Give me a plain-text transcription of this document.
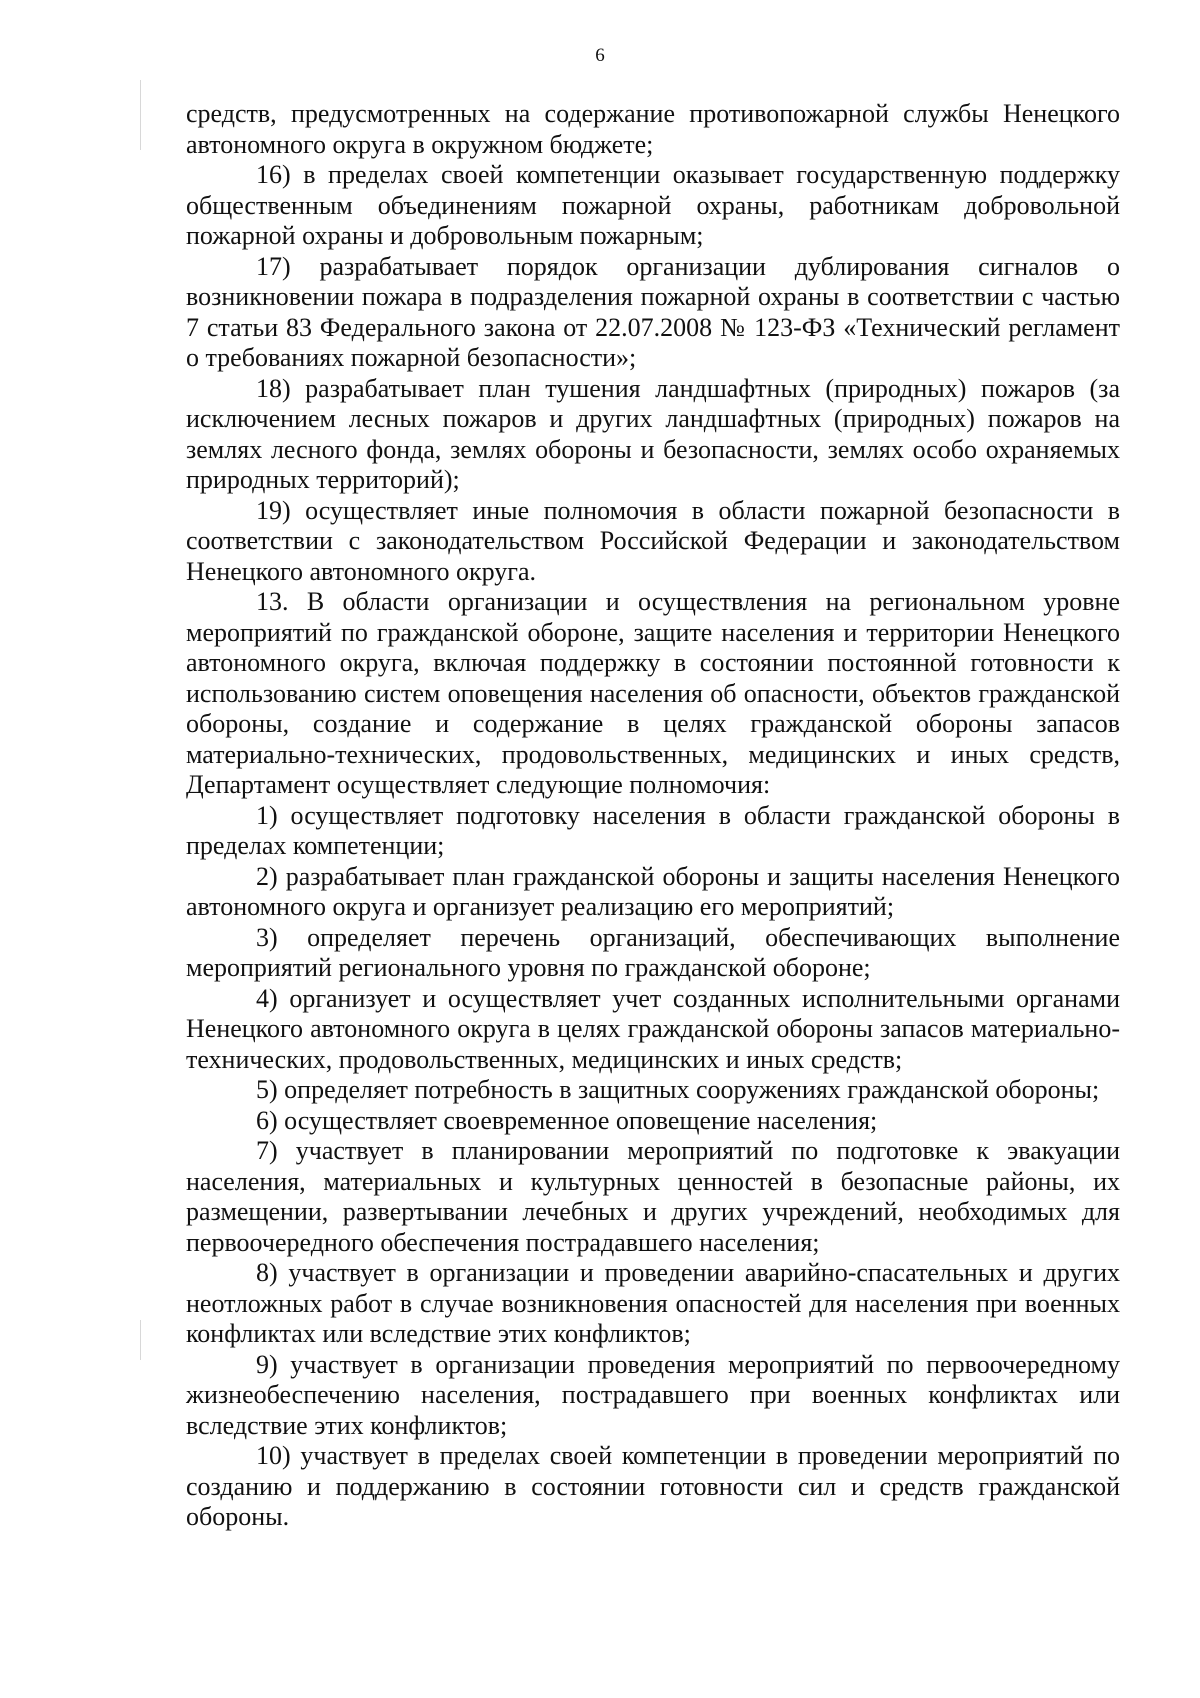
6

средств, предусмотренных на содержание противопожарной службы Ненецкого автономного округа в окружном бюджете;

16) в пределах своей компетенции оказывает государственную поддержку общественным объединениям пожарной охраны, работникам добровольной пожарной охраны и добровольным пожарным;

17) разрабатывает порядок организации дублирования сигналов о возникновении пожара в подразделения пожарной охраны в соответствии с частью 7 статьи 83 Федерального закона от 22.07.2008 № 123-ФЗ «Технический регламент о требованиях пожарной безопасности»;

18) разрабатывает план тушения ландшафтных (природных) пожаров (за исключением лесных пожаров и других ландшафтных (природных) пожаров на землях лесного фонда, землях обороны и безопасности, землях особо охраняемых природных территорий);

19) осуществляет иные полномочия в области пожарной безопасности в соответствии с законодательством Российской Федерации и законодательством Ненецкого автономного округа.

13. В области организации и осуществления на региональном уровне мероприятий по гражданской обороне, защите населения и территории Ненецкого автономного округа, включая поддержку в состоянии постоянной готовности к использованию систем оповещения населения об опасности, объектов гражданской обороны, создание и содержание в целях гражданской обороны запасов материально-технических, продовольственных, медицинских и иных средств, Департамент осуществляет следующие полномочия:

1) осуществляет подготовку населения в области гражданской обороны в пределах компетенции;

2) разрабатывает план гражданской обороны и защиты населения Ненецкого автономного округа и организует реализацию его мероприятий;

3) определяет перечень организаций, обеспечивающих выполнение мероприятий регионального уровня по гражданской обороне;

4) организует и осуществляет учет созданных исполнительными органами Ненецкого автономного округа в целях гражданской обороны запасов материально-технических, продовольственных, медицинских и иных средств;

5) определяет потребность в защитных сооружениях гражданской обороны;

6) осуществляет своевременное оповещение населения;

7) участвует в планировании мероприятий по подготовке к эвакуации населения, материальных и культурных ценностей в безопасные районы, их размещении, развертывании лечебных и других учреждений, необходимых для первоочередного обеспечения пострадавшего населения;

8) участвует в организации и проведении аварийно-спасательных и других неотложных работ в случае возникновения опасностей для населения при военных конфликтах или вследствие этих конфликтов;

9) участвует в организации проведения мероприятий по первоочередному жизнеобеспечению населения, пострадавшего при военных конфликтах или вследствие этих конфликтов;

10) участвует в пределах своей компетенции в проведении мероприятий по созданию и поддержанию в состоянии готовности сил и средств гражданской обороны.
